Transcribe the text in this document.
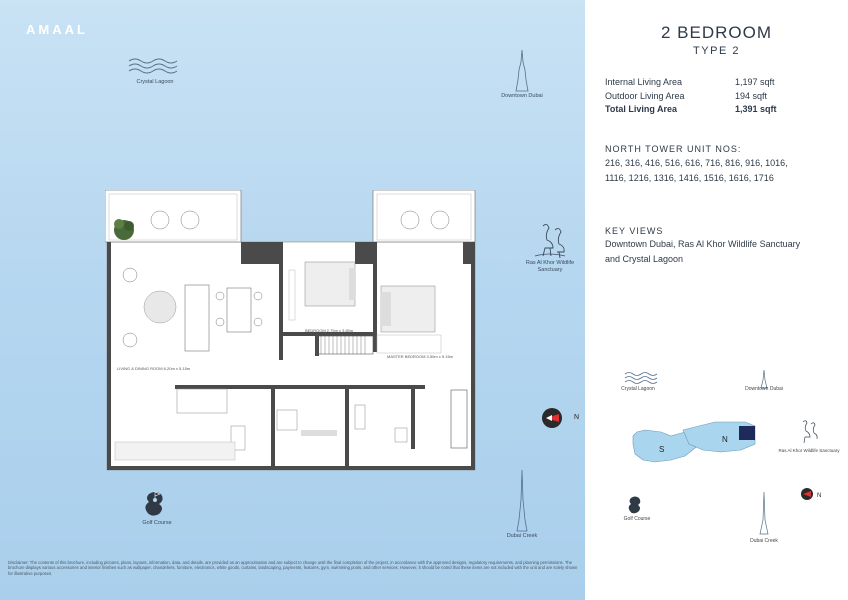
AMAAL
Crystal Lagoon
Downtown Dubai
Ras Al Khor Wildlife Sanctuary
N
Golf Course
Dubai Creek
LIVING & DINING ROOM 6.20m x 5.15m
BEDROOM 2.75m x 3.80m
MASTER BEDROOM 3.50m x 5.15m
Disclaimer: The contents of this brochure, including pictures, plans, layouts, information, data, and details, are provided as an approximation and are subject to change until the final completion of the project, in accordance with the approved designs, regulatory requirements, and planning permissions. The brochure displays various accessories and interior finishes such as wallpaper, chandeliers, furniture, electronics, white goods, curtains, landscaping, payments, features, gym, swimming pools, and other services. However, it should be noted that these items are not included with the unit and are solely shown for illustrative purposes.
2 BEDROOM
TYPE 2
Internal Living Area	1,197 sqft
Outdoor Living Area	194 sqft
Total Living Area	1,391 sqft
NORTH TOWER UNIT NOS:
216, 316, 416, 516, 616, 716, 816, 916, 1016, 1116, 1216, 1316, 1416, 1516, 1616, 1716
KEY VIEWS
Downtown Dubai, Ras Al Khor Wildlife Sanctuary and Crystal Lagoon
Crystal Lagoon	Downtown Dubai
S
N
Ras Al Khor Wildlife Sanctuary
N
Golf Course
Dubai Creek
